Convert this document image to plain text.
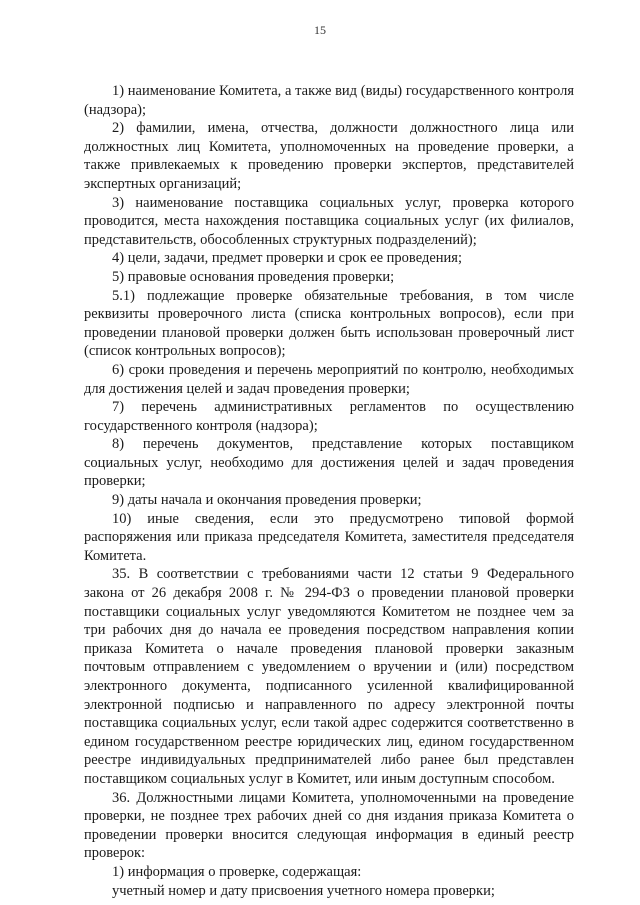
15

1) наименование Комитета, а также вид (виды) государственного контроля (надзора);

2) фамилии, имена, отчества, должности должностного лица или должностных лиц Комитета, уполномоченных на проведение проверки, а также привлекаемых к проведению проверки экспертов, представителей экспертных организаций;

3) наименование поставщика социальных услуг, проверка которого проводится, места нахождения поставщика социальных услуг (их филиалов, представительств, обособленных структурных подразделений);

4) цели, задачи, предмет проверки и срок ее проведения;

5) правовые основания проведения проверки;

5.1) подлежащие проверке обязательные требования, в том числе реквизиты проверочного листа (списка контрольных вопросов), если при проведении плановой проверки должен быть использован проверочный лист (список контрольных вопросов);

6) сроки проведения и перечень мероприятий по контролю, необходимых для достижения целей и задач проведения проверки;

7) перечень административных регламентов по осуществлению государственного контроля (надзора);

8) перечень документов, представление которых поставщиком социальных услуг, необходимо для достижения целей и задач проведения проверки;

9) даты начала и окончания проведения проверки;

10) иные сведения, если это предусмотрено типовой формой распоряжения или приказа председателя Комитета, заместителя председателя Комитета.

35. В соответствии с требованиями части 12 статьи 9 Федерального закона от 26 декабря 2008 г. № 294-ФЗ о проведении плановой проверки поставщики социальных услуг уведомляются Комитетом не позднее чем за три рабочих дня до начала ее проведения посредством направления копии приказа Комитета о начале проведения плановой проверки заказным почтовым отправлением с уведомлением о вручении и (или) посредством электронного документа, подписанного усиленной квалифицированной электронной подписью и направленного по адресу электронной почты поставщика социальных услуг, если такой адрес содержится соответственно в едином государственном реестре юридических лиц, едином государственном реестре индивидуальных предпринимателей либо ранее был представлен поставщиком социальных услуг в Комитет, или иным доступным способом.

36. Должностными лицами Комитета, уполномоченными на проведение проверки, не позднее трех рабочих дней со дня издания приказа Комитета о проведении проверки вносится следующая информация в единый реестр проверок:

1) информация о проверке, содержащая:

учетный номер и дату присвоения учетного номера проверки;
